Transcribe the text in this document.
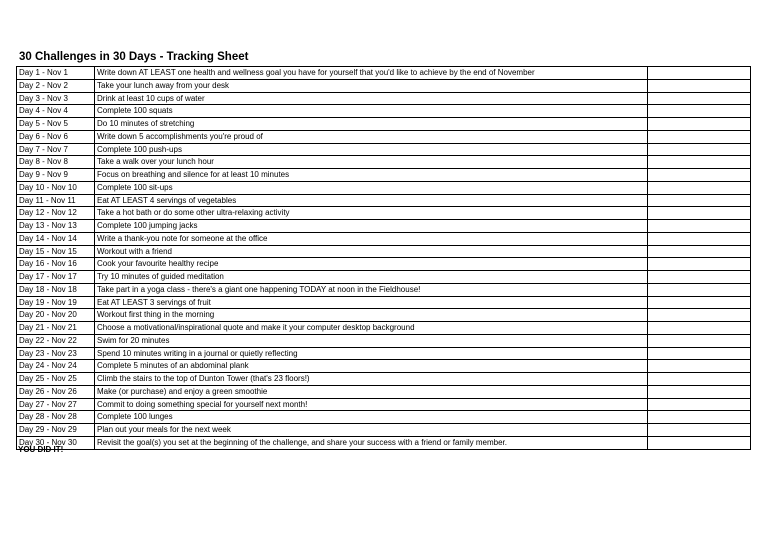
30 Challenges in 30 Days - Tracking Sheet
Day 1 - Nov 1	Write down AT LEAST one health and wellness goal you have for yourself that you'd like to achieve by the end of November	
Day 2 - Nov 2	Take your lunch away from your desk	
Day 3 - Nov 3	Drink at least 10 cups of water	
Day 4 - Nov 4	Complete 100 squats	
Day 5 - Nov 5	Do 10 minutes of stretching	
Day 6 - Nov 6	Write down 5 accomplishments you're proud of	
Day 7 - Nov 7	Complete 100 push-ups	
Day 8 - Nov 8	Take a walk over your lunch hour	
Day 9 - Nov 9	Focus on breathing and silence for at least 10 minutes	
Day 10 - Nov 10	Complete 100 sit-ups	
Day 11 - Nov 11	Eat AT LEAST 4 servings of vegetables	
Day 12 - Nov 12	Take a hot bath or do some other ultra-relaxing activity	
Day 13 - Nov 13	Complete 100 jumping jacks	
Day 14 - Nov 14	Write a thank-you note for someone at the office	
Day 15 - Nov 15	Workout with a friend	
Day 16 - Nov 16	Cook your favourite healthy recipe	
Day 17 - Nov 17	Try 10 minutes of guided meditation	
Day 18 - Nov 18	Take part in a yoga class - there's a giant one happening TODAY at noon in the Fieldhouse!	
Day 19 - Nov 19	Eat AT LEAST 3 servings of fruit	
Day 20 - Nov 20	Workout first thing in the morning	
Day 21 - Nov 21	Choose a motivational/inspirational quote and make it your computer desktop background	
Day 22 - Nov 22	Swim for 20 minutes	
Day 23 - Nov 23	Spend 10 minutes writing in a journal or quietly reflecting	
Day 24 - Nov 24	Complete 5 minutes of an abdominal plank	
Day 25 - Nov 25	Climb the stairs to the top of Dunton Tower (that's 23 floors!)	
Day 26 - Nov 26	Make (or purchase) and enjoy a green smoothie	
Day 27 - Nov 27	Commit to doing something special for yourself next month!	
Day 28 - Nov 28	Complete 100 lunges	
Day 29 - Nov 29	Plan out your meals for the next week	
Day 30 - Nov 30	Revisit the goal(s) you set at the beginning of the challenge, and share your success with a friend or family member.	
YOU DID IT!
